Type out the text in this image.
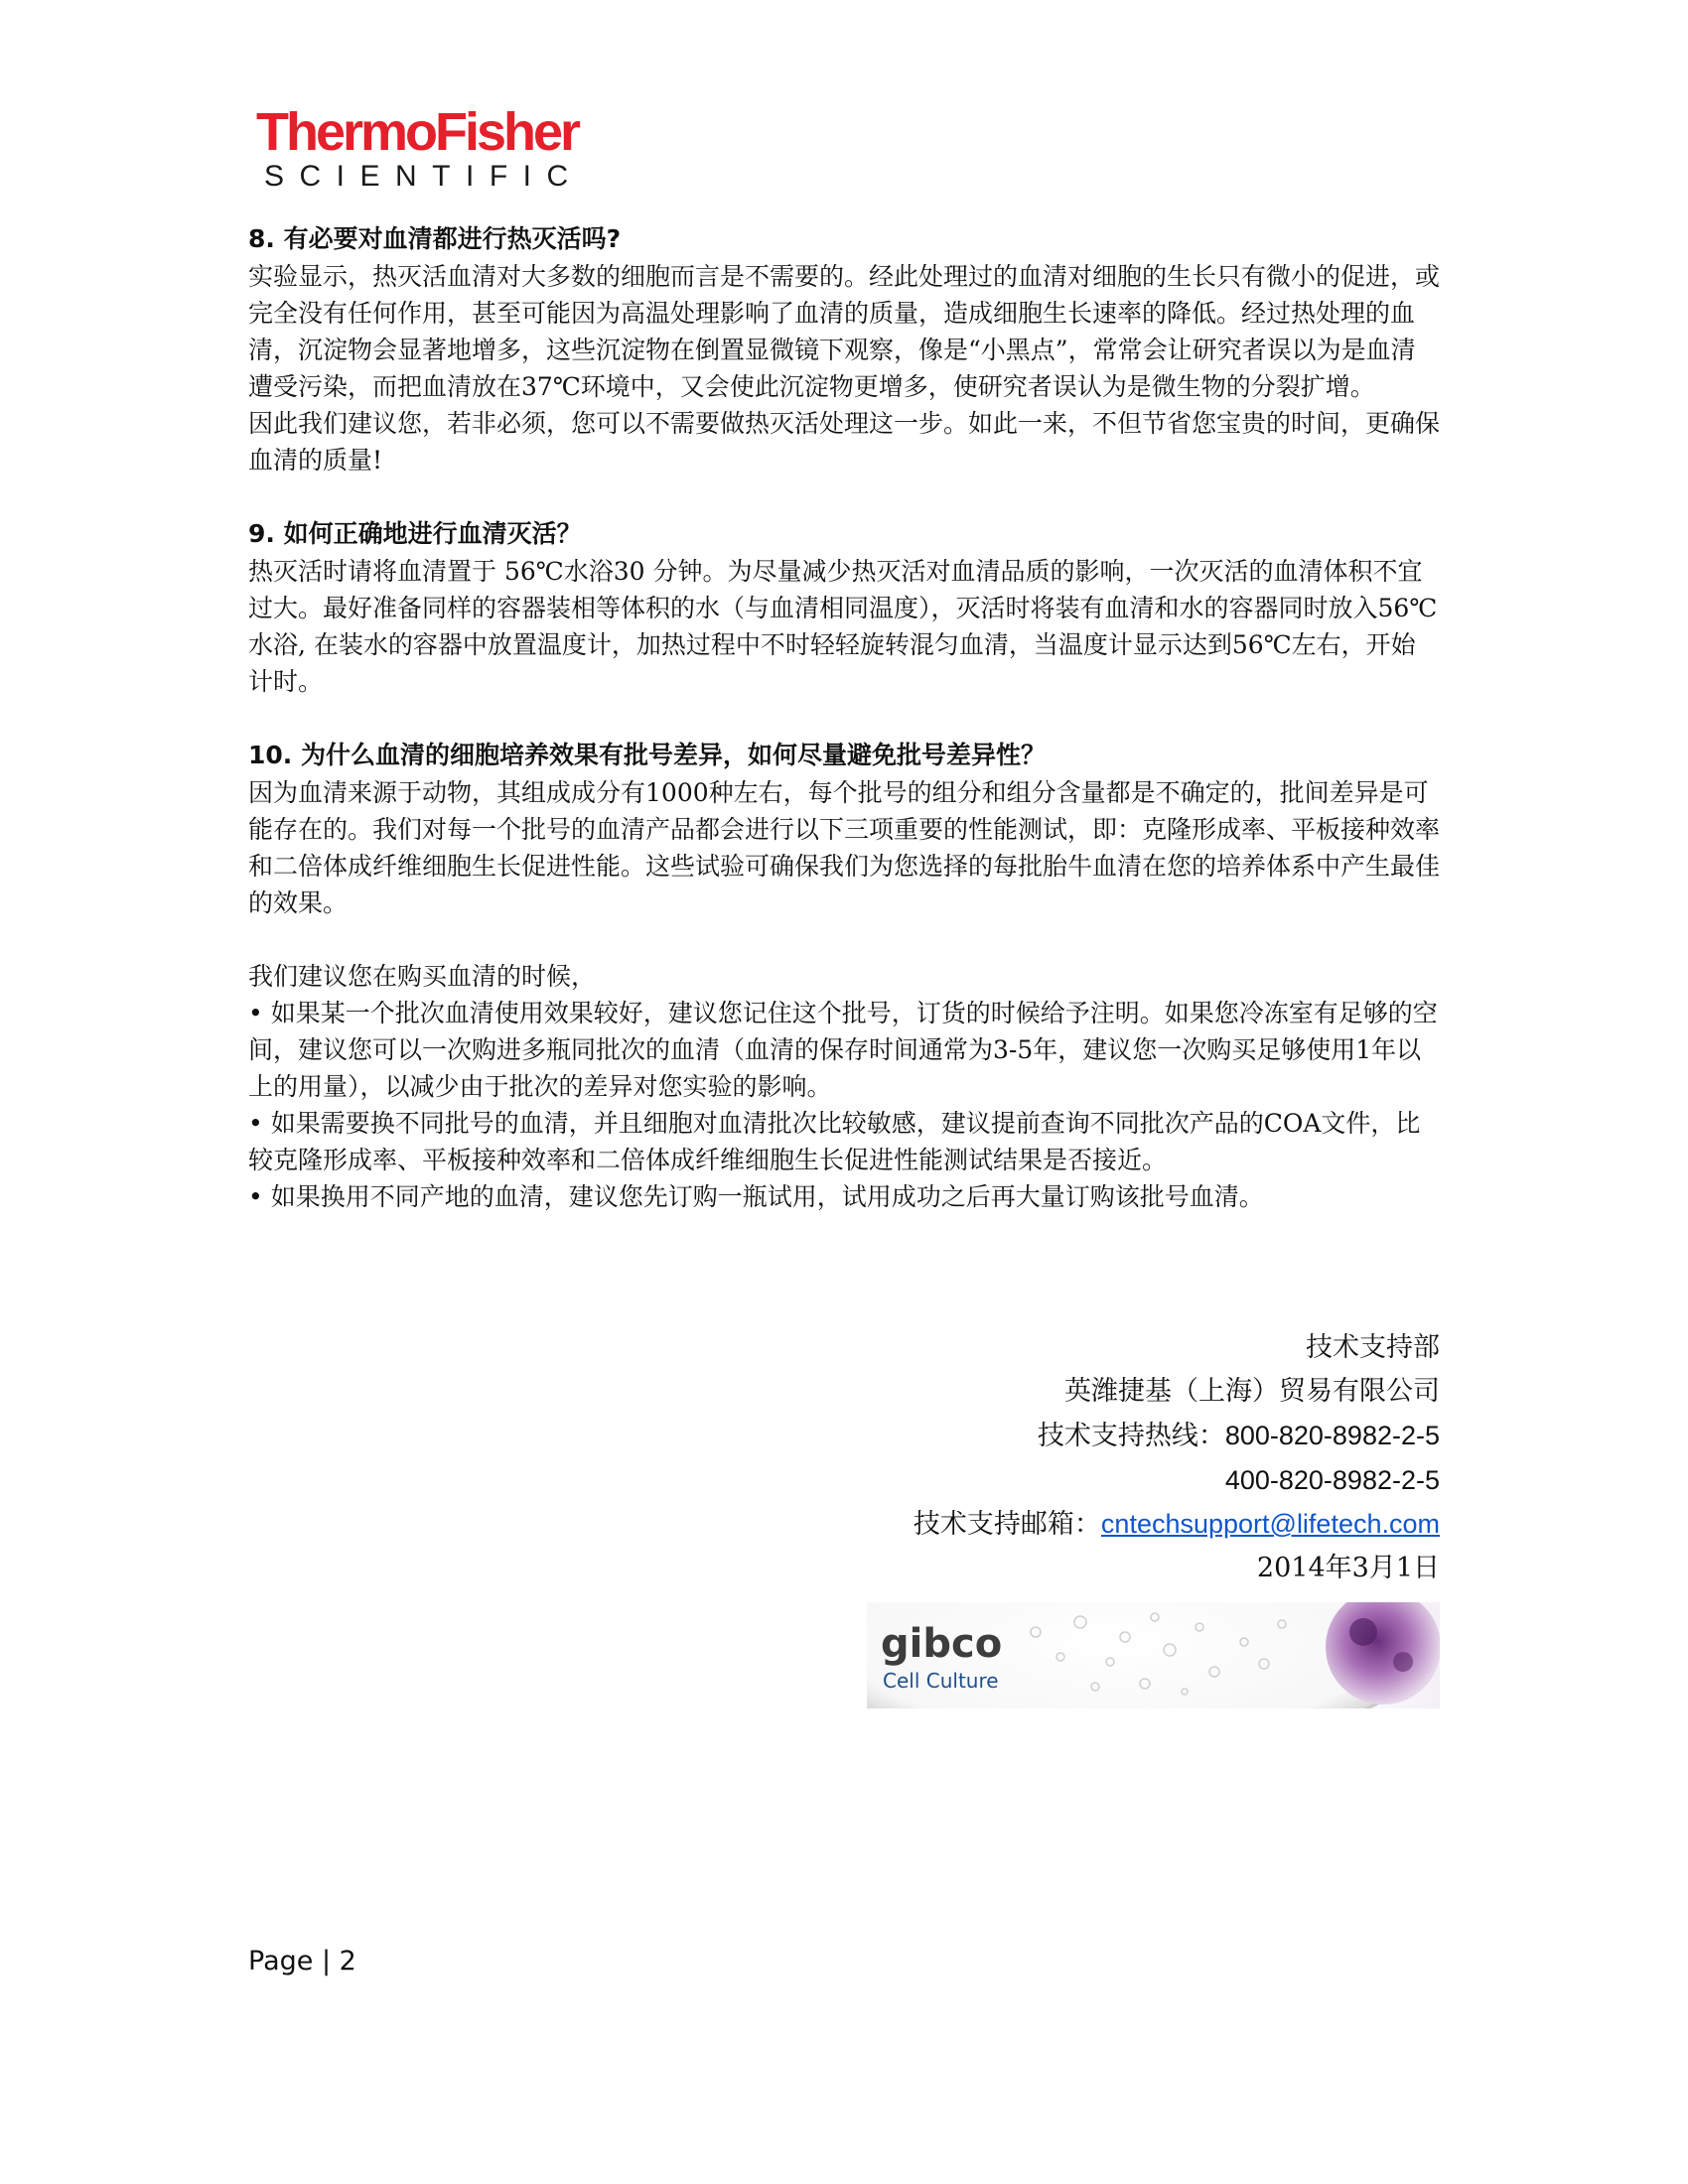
ThermoFisher
SCIENTIFIC

8. 有必要对血清都进行热灭活吗?

实验显示，热灭活血清对大多数的细胞而言是不需要的。经此处理过的血清对细胞的生长只有微小的促进，或完全没有任何作用，甚至可能因为高温处理影响了血清的质量，造成细胞生长速率的降低。经过热处理的血清，沉淀物会显著地增多，这些沉淀物在倒置显微镜下观察，像是“小黑点”，常常会让研究者误以为是血清遭受污染，而把血清放在37℃环境中，又会使此沉淀物更增多，使研究者误认为是微生物的分裂扩增。

因此我们建议您，若非必须，您可以不需要做热灭活处理这一步。如此一来，不但节省您宝贵的时间，更确保血清的质量!

9. 如何正确地进行血清灭活？

热灭活时请将血清置于 56℃水浴30 分钟。为尽量减少热灭活对血清品质的影响，一次灭活的血清体积不宜过大。最好准备同样的容器装相等体积的水（与血清相同温度），灭活时将装有血清和水的容器同时放入56℃水浴, 在装水的容器中放置温度计，加热过程中不时轻轻旋转混匀血清，当温度计显示达到56℃左右，开始计时。

10. 为什么血清的细胞培养效果有批号差异，如何尽量避免批号差异性？

因为血清来源于动物，其组成成分有1000种左右，每个批号的组分和组分含量都是不确定的，批间差异是可能存在的。我们对每一个批号的血清产品都会进行以下三项重要的性能测试，即：克隆形成率、平板接种效率和二倍体成纤维细胞生长促进性能。这些试验可确保我们为您选择的每批胎牛血清在您的培养体系中产生最佳的效果。

我们建议您在购买血清的时候，

• 如果某一个批次血清使用效果较好，建议您记住这个批号，订货的时候给予注明。如果您冷冻室有足够的空间，建议您可以一次购进多瓶同批次的血清（血清的保存时间通常为3-5年，建议您一次购买足够使用1年以上的用量），以减少由于批次的差异对您实验的影响。

• 如果需要换不同批号的血清，并且细胞对血清批次比较敏感，建议提前查询不同批次产品的COA文件，比较克隆形成率、平板接种效率和二倍体成纤维细胞生长促进性能测试结果是否接近。

• 如果换用不同产地的血清，建议您先订购一瓶试用，试用成功之后再大量订购该批号血清。

技术支持部
英潍捷基（上海）贸易有限公司
技术支持热线：800-820-8982-2-5
400-820-8982-2-5
技术支持邮箱：cntechsupport@lifetech.com
2014年3月1日
gibco
Cell Culture
Page | 2
